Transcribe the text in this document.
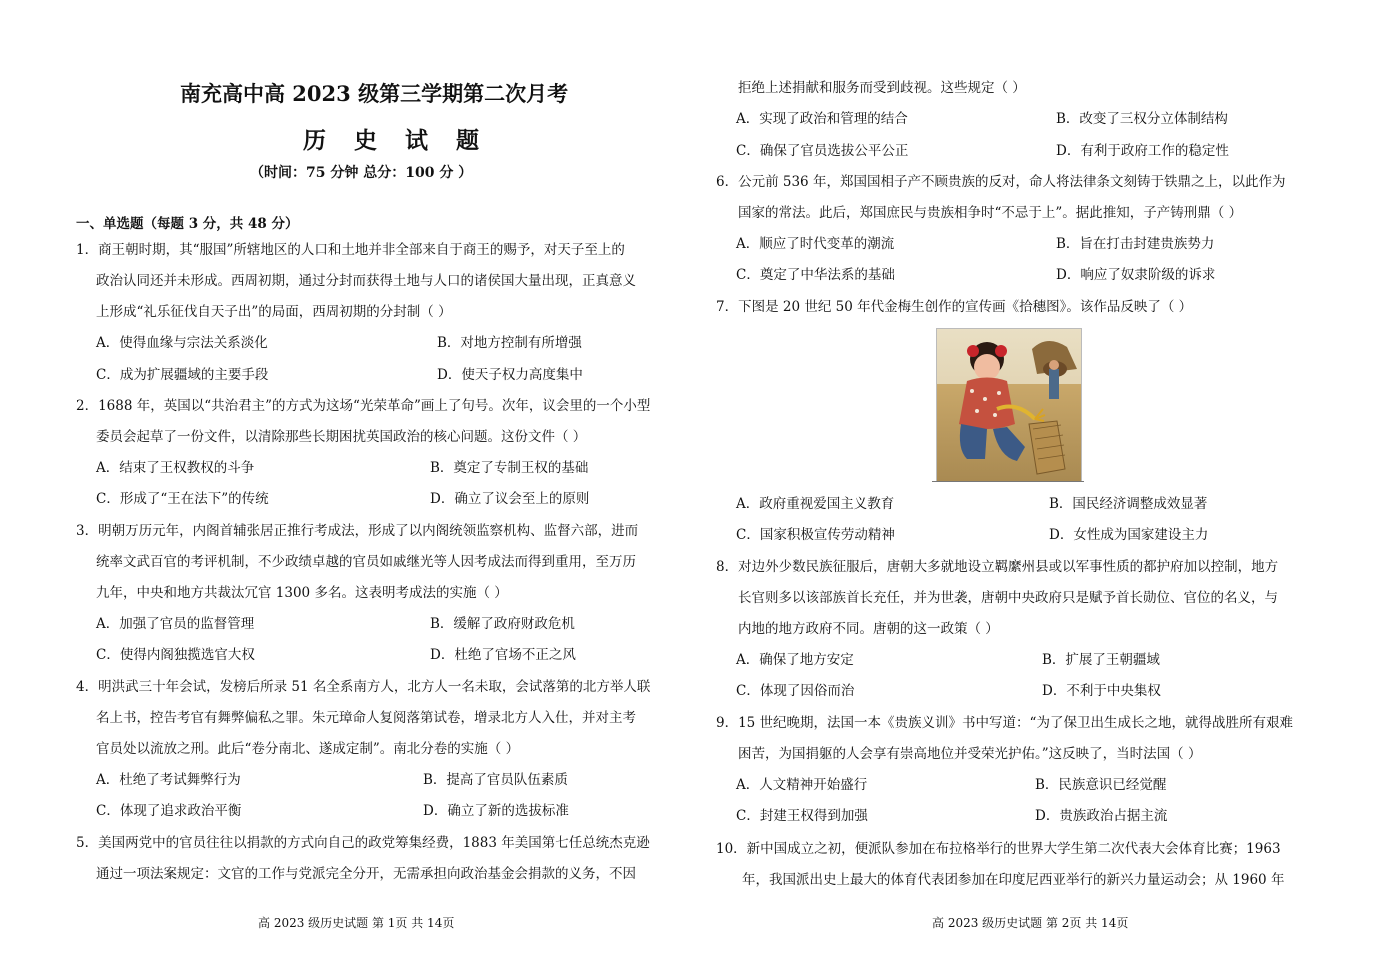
南充高中高 2023 级第三学期第二次月考
历 史 试 题
（时间：75 分钟 总分：100 分 ）
一、单选题（每题 3 分，共 48 分）
1．商王朝时期，其“服国”所辖地区的人口和土地并非全部来自于商王的赐予，对天子至上的
政治认同还并未形成。西周初期，通过分封而获得土地与人口的诸侯国大量出现，正真意义
上形成“礼乐征伐自天子出”的局面，西周初期的分封制（ ）
A．使得血缘与宗法关系淡化	B．对地方控制有所增强
C．成为扩展疆域的主要手段	D．使天子权力高度集中
2．1688 年，英国以“共治君主”的方式为这场“光荣革命”画上了句号。次年，议会里的一个小型
委员会起草了一份文件，以清除那些长期困扰英国政治的核心问题。这份文件（ ）
A．结束了王权教权的斗争	B．奠定了专制王权的基础
C．形成了“王在法下”的传统	D．确立了议会至上的原则
3．明朝万历元年，内阁首辅张居正推行考成法，形成了以内阁统领监察机构、监督六部，进而
统率文武百官的考评机制，不少政绩卓越的官员如戚继光等人因考成法而得到重用，至万历
九年，中央和地方共裁汰冗官 1300 多名。这表明考成法的实施（ ）
A．加强了官员的监督管理	B．缓解了政府财政危机
C．使得内阁独揽选官大权	D．杜绝了官场不正之风
4．明洪武三十年会试，发榜后所录 51 名全系南方人，北方人一名未取，会试落第的北方举人联
名上书，控告考官有舞弊偏私之罪。朱元璋命人复阅落第试卷，增录北方人入仕，并对主考
官员处以流放之刑。此后“卷分南北、遂成定制”。南北分卷的实施（ ）
A．杜绝了考试舞弊行为	B．提高了官员队伍素质
C．体现了追求政治平衡	D．确立了新的选拔标准
5．美国两党中的官员往往以捐款的方式向自己的政党筹集经费，1883 年美国第七任总统杰克逊
通过一项法案规定：文官的工作与党派完全分开，无需承担向政治基金会捐款的义务，不因
高 2023 级历史试题 第 1页 共 14页
拒绝上述捐献和服务而受到歧视。这些规定（ ）
A．实现了政治和管理的结合	B．改变了三权分立体制结构
C．确保了官员选拔公平公正	D．有利于政府工作的稳定性
6．公元前 536 年，郑国国相子产不顾贵族的反对，命人将法律条文刻铸于铁鼎之上，以此作为
国家的常法。此后，郑国庶民与贵族相争时“不忌于上”。据此推知，子产铸刑鼎（ ）
A．顺应了时代变革的潮流	B．旨在打击封建贵族势力
C．奠定了中华法系的基础	D．响应了奴隶阶级的诉求
7．下图是 20 世纪 50 年代金梅生创作的宣传画《拾穗图》。该作品反映了（ ）
A．政府重视爱国主义教育	B．国民经济调整成效显著
C．国家积极宣传劳动精神	D．女性成为国家建设主力
8．对边外少数民族征服后，唐朝大多就地设立羁縻州县或以军事性质的都护府加以控制，地方
长官则多以该部族首长充任，并为世袭，唐朝中央政府只是赋予首长勋位、官位的名义，与
内地的地方政府不同。唐朝的这一政策（ ）
A．确保了地方安定	B．扩展了王朝疆域
C．体现了因俗而治	D．不利于中央集权
9．15 世纪晚期，法国一本《贵族义训》书中写道：“为了保卫出生成长之地，就得战胜所有艰难
困苦，为国捐躯的人会享有崇高地位并受荣光护佑。”这反映了，当时法国（ ）
A．人文精神开始盛行	B．民族意识已经觉醒
C．封建王权得到加强	D．贵族政治占据主流
10．新中国成立之初，便派队参加在布拉格举行的世界大学生第二次代表大会体育比赛；1963
年，我国派出史上最大的体育代表团参加在印度尼西亚举行的新兴力量运动会；从 1960 年
高 2023 级历史试题 第 2页 共 14页
